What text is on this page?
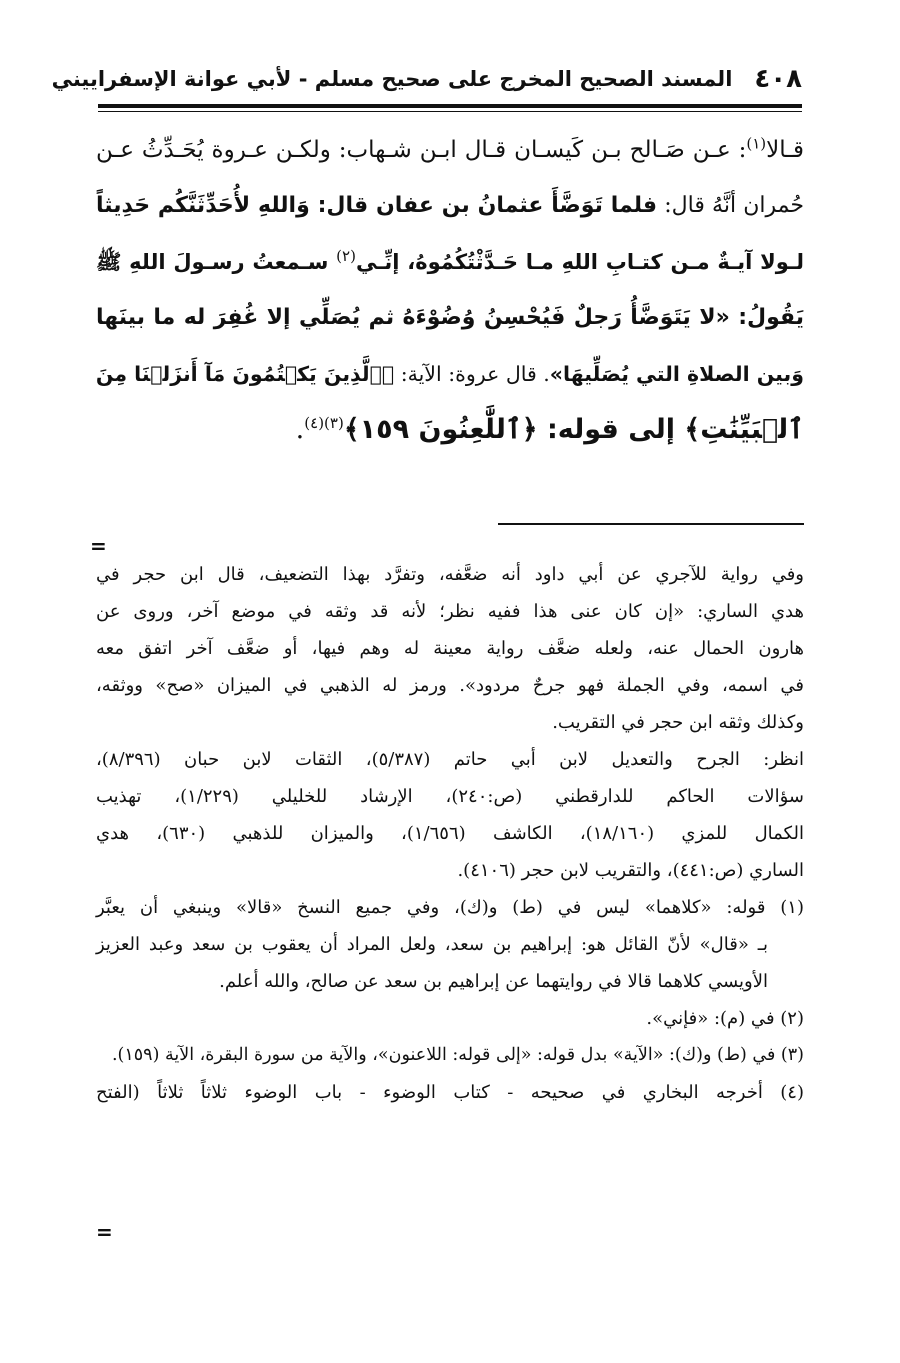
٤٠٨
المسند الصحيح المخرج على صحيح مسلم - لأبي عوانة الإسفراييني
قـالا$^{(١)}$: عـن صَـالح بـن كَيسـان قـال ابـن شـهاب: ولكـن عـروة يُحَـدِّثُ عـن
حُمران أنَّهُ قال: فلما تَوَضَّأَ عثمانُ بن عفان قال: وَاللهِ لأُحَدِّثَنَّكُم حَدِيثاً
لـولا آيـةٌ مـن كتـابِ اللهِ مـا حَـدَّثْتُكُمُوهُ، إنِّـي$^{(٢)}$ سـمعتُ رسـولَ اللهِ ﷺ
يَقُولُ: «لا يَتَوَضَّأُ رَجلٌ فَيُحْسِنُ وُضُوْءَهُ ثم يُصَلِّي إلا غُفِرَ له ما بينَها
وَبين الصلاةِ التي يُصَلِّيهَا». قال عروة: الآية: ﴿ٱلَّذِينَ يَكۡتُمُونَ مَآ أَنزَلۡنَا مِنَ
ٱلۡبَيِّنَٰتِ﴾ إلى قوله: ﴿ٱللَّٰعِنُونَ ١٥٩﴾$^{(٣)(٤)}$.
=
وفي رواية للآجري عن أبي داود أنه ضعَّفه، وتفرَّد بهذا التضعيف، قال ابن حجر في
هدي الساري: «إن كان عنى هذا ففيه نظر؛ لأنه قد وثقه في موضع آخر، وروى عن
هارون الحمال عنه، ولعله ضعَّف رواية معينة له وهم فيها، أو ضعَّف آخر اتفق معه
في اسمه، وفي الجملة فهو جرحٌ مردود». ورمز له الذهبي في الميزان «صح» ووثقه،
وكذلك وثقه ابن حجر في التقريب.
انظر: الجرح والتعديل لابن أبي حاتم (٥/٣٨٧)، الثقات لابن حبان (٨/٣٩٦)،
سؤالات الحاكم للدارقطني (ص:٢٤٠)، الإرشاد للخليلي (١/٢٢٩)، تهذيب
الكمال للمزي (١٨/١٦٠)، الكاشف (١/٦٥٦)، والميزان للذهبي (٦٣٠)، هدي
الساري (ص:٤٤١)، والتقريب لابن حجر (٤١٠٦).
(١) قوله: «كلاهما» ليس في (ط) و(ك)، وفي جميع النسخ «قالا» وينبغي أن يعبَّر
بـ «قال» لأنّ القائل هو: إبراهيم بن سعد، ولعل المراد أن يعقوب بن سعد وعبد العزيز
الأويسي كلاهما قالا في روايتهما عن إبراهيم بن سعد عن صالح، والله أعلم.
(٢) في (م): «فإني».
(٣) في (ط) و(ك): «الآية» بدل قوله: «إلى قوله: اللاعنون»، والآية من سورة البقرة، الآية (١٥٩).
(٤) أخرجه البخاري في صحيحه - كتاب الوضوء - باب الوضوء ثلاثاً ثلاثاً (الفتح
=
